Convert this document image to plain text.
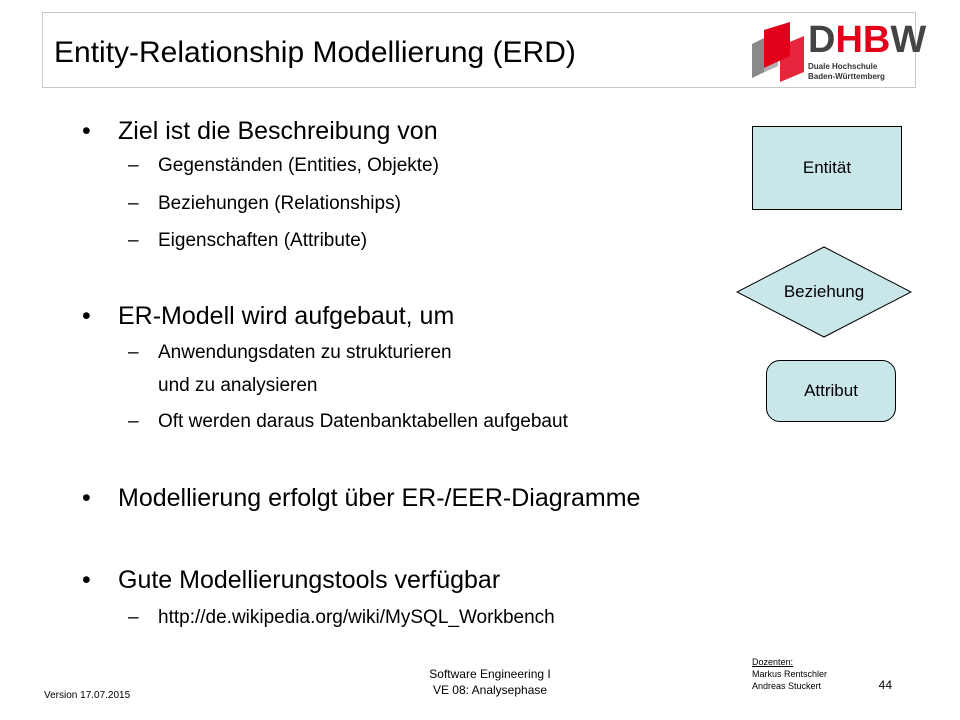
Entity-Relationship Modellierung (ERD)	DHBW
Duale Hochschule
Baden-Württemberg
•	Ziel ist die Beschreibung von
– Gegenständen (Entities, Objekte)
– Beziehungen (Relationships)
– Eigenschaften (Attribute)
•	ER-Modell wird aufgebaut, um
– Anwendungsdaten zu strukturieren
und zu analysieren
– Oft werden daraus Datenbanktabellen aufgebaut
•	Modellierung erfolgt über ER-/EER-Diagramme
•	Gute Modellierungstools verfügbar
– http://de.wikipedia.org/wiki/MySQL_Workbench
Entität
Beziehung
Attribut
Version 17.07.2015
Software Engineering I
VE 08: Analysephase
Dozenten:
Markus Rentschler
Andreas Stuckert	44
